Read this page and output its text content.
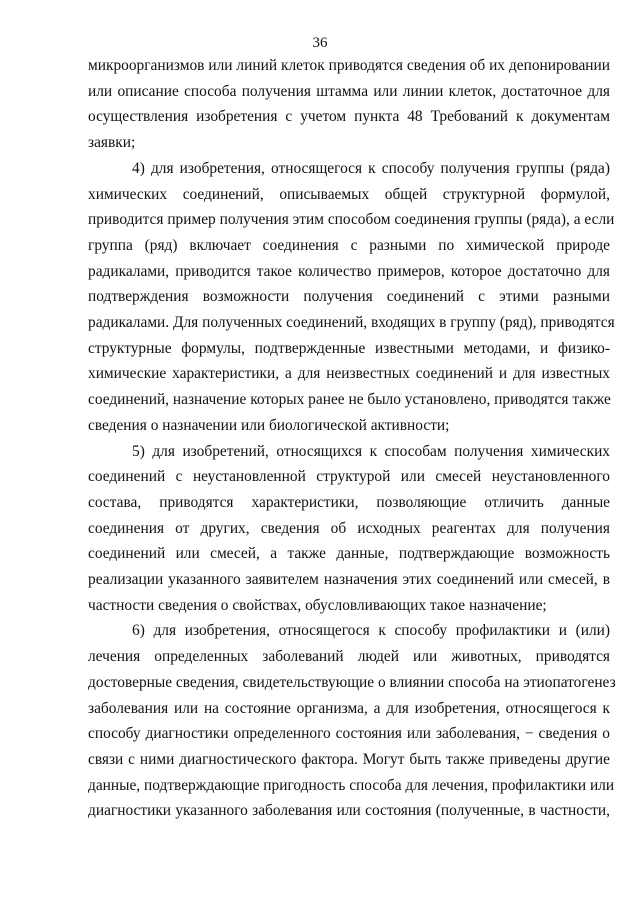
36

микроорганизмов или линий клеток приводятся сведения об их депонировании
или описание способа получения штамма или линии клеток, достаточное для
осуществления изобретения с учетом пункта 48 Требований к документам
заявки;

4) для изобретения, относящегося к способу получения группы (ряда)
химических соединений, описываемых общей структурной формулой,
приводится пример получения этим способом соединения группы (ряда), а если
группа (ряд) включает соединения с разными по химической природе
радикалами, приводится такое количество примеров, которое достаточно для
подтверждения возможности получения соединений с этими разными
радикалами. Для полученных соединений, входящих в группу (ряд), приводятся
структурные формулы, подтвержденные известными методами, и физико-
химические характеристики, а для неизвестных соединений и для известных
соединений, назначение которых ранее не было установлено, приводятся также
сведения о назначении или биологической активности;

5) для изобретений, относящихся к способам получения химических
соединений с неустановленной структурой или смесей неустановленного
состава, приводятся характеристики, позволяющие отличить данные
соединения от других, сведения об исходных реагентах для получения
соединений или смесей, а также данные, подтверждающие возможность
реализации указанного заявителем назначения этих соединений или смесей, в
частности сведения о свойствах, обусловливающих такое назначение;

6) для изобретения, относящегося к способу профилактики и (или)
лечения определенных заболеваний людей или животных, приводятся
достоверные сведения, свидетельствующие о влиянии способа на этиопатогенез
заболевания или на состояние организма, а для изобретения, относящегося к
способу диагностики определенного состояния или заболевания, − сведения о
связи с ними диагностического фактора. Могут быть также приведены другие
данные, подтверждающие пригодность способа для лечения, профилактики или
диагностики указанного заболевания или состояния (полученные, в частности,
